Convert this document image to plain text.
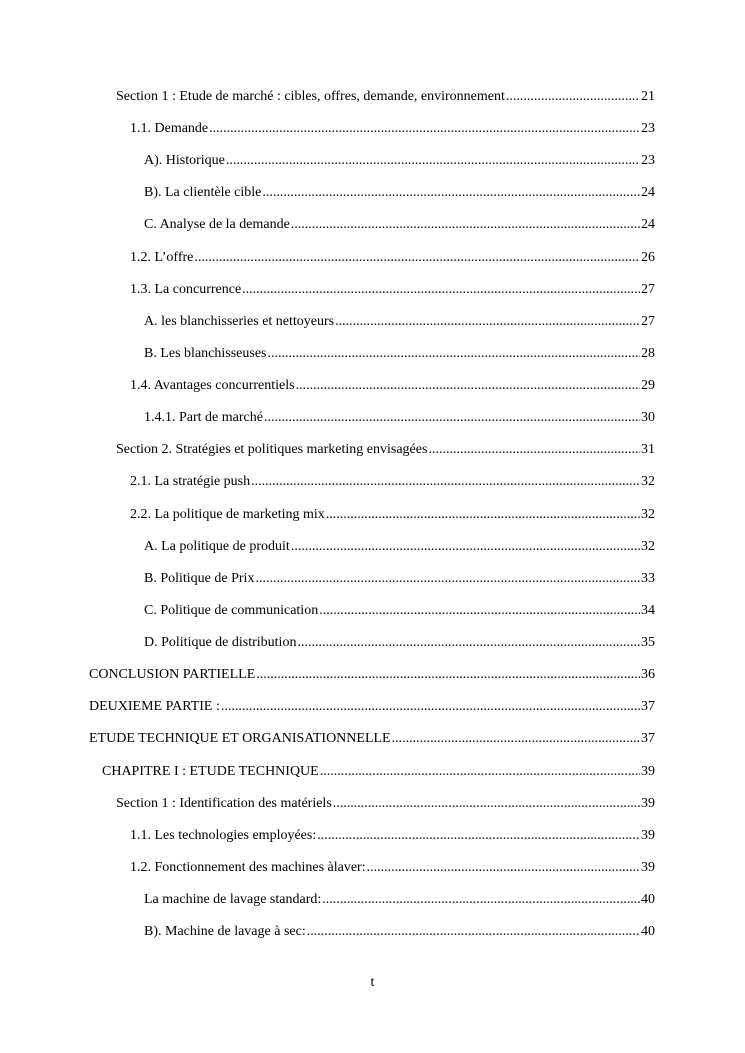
Section 1 : Etude de marché : cibles, offres, demande, environnement .....	21
1.1. Demande .....	23
A). Historique .....	23
B). La clientèle cible .....	24
C. Analyse de la demande .....	24
1.2. L’offre .....	26
1.3. La concurrence .....	27
A. les blanchisseries et nettoyeurs .....	27
B. Les blanchisseuses .....	28
1.4. Avantages concurrentiels .....	29
1.4.1. Part de marché .....	30
Section 2. Stratégies et politiques marketing envisagées .....	31
2.1. La stratégie push .....	32
2.2. La politique de marketing mix .....	32
A. La politique de produit .....	32
B. Politique de Prix .....	33
C. Politique de communication .....	34
D. Politique de distribution .....	35
CONCLUSION PARTIELLE .....	36
DEUXIEME PARTIE : .....	37
ETUDE TECHNIQUE ET ORGANISATIONNELLE .....	37
CHAPITRE I : ETUDE TECHNIQUE .....	39
Section 1 : Identification des matériels .....	39
1.1. Les technologies employées: .....	39
1.2. Fonctionnement des machines àlaver: .....	39
La machine de lavage standard: .....	40
B). Machine de lavage à sec: .....	40
t
